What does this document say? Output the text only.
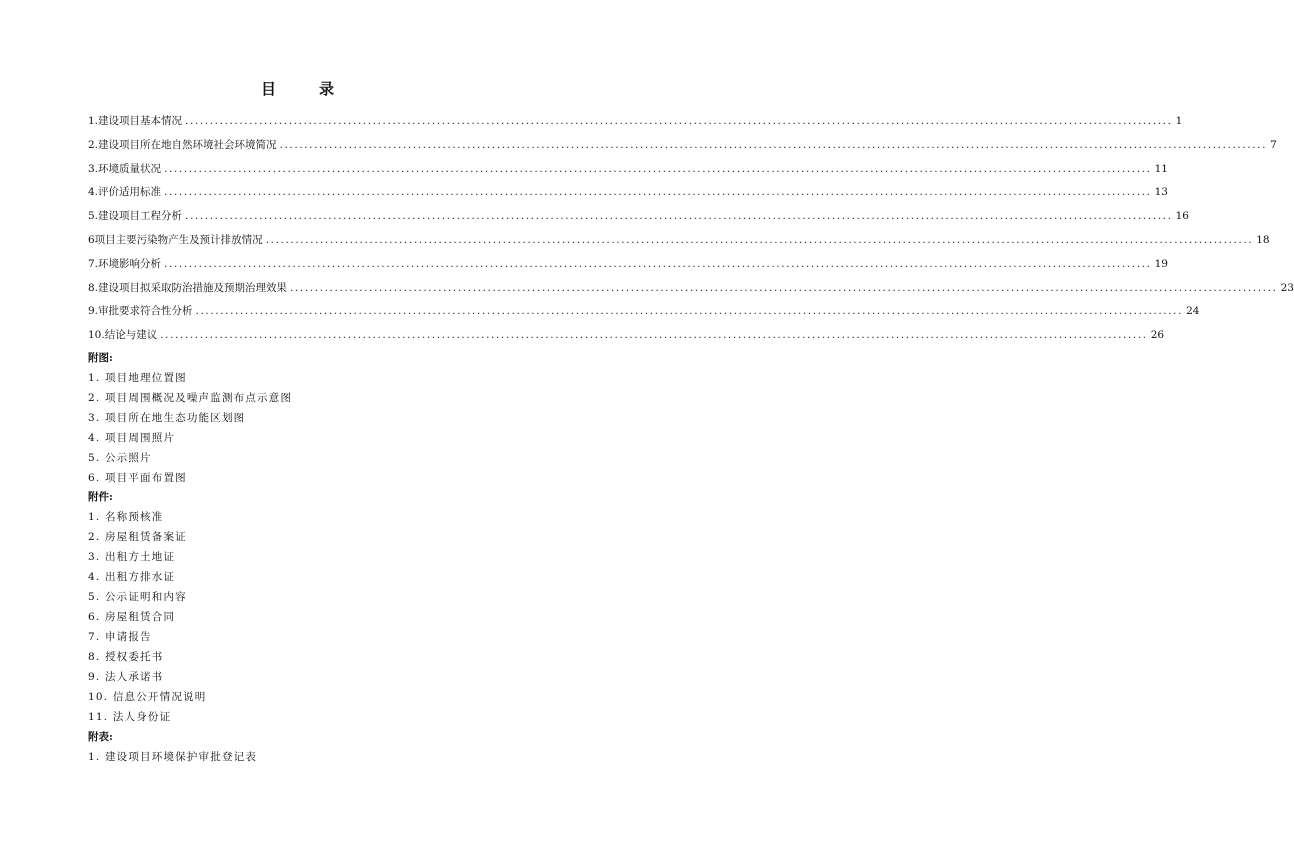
目　录
1.建设项目基本情况 ........................................................................................................................................................................................................ 1
2.建设项目所在地自然环境社会环境简况 ........................................................................................................................................................................................................ 7
3.环境质量状况 ........................................................................................................................................................................................................ 11
4.评价适用标准 ........................................................................................................................................................................................................ 13
5.建设项目工程分析 ........................................................................................................................................................................................................ 16
6项目主要污染物产生及预计排放情况 ........................................................................................................................................................................................................ 18
7.环境影响分析 ........................................................................................................................................................................................................ 19
8.建设项目拟采取防治措施及预期治理效果 ........................................................................................................................................................................................................ 23
9.审批要求符合性分析 ........................................................................................................................................................................................................ 24
10.结论与建议 ........................................................................................................................................................................................................ 26
附图:
1. 项目地理位置图
2. 项目周围概况及噪声监测布点示意图
3. 项目所在地生态功能区划图
4. 项目周围照片
5. 公示照片
6. 项目平面布置图
附件:
1. 名称预核准
2. 房屋租赁备案证
3. 出租方土地证
4. 出租方排水证
5. 公示证明和内容
6. 房屋租赁合同
7. 申请报告
8. 授权委托书
9. 法人承诺书
10. 信息公开情况说明
11. 法人身份证
附表:
1. 建设项目环境保护审批登记表
